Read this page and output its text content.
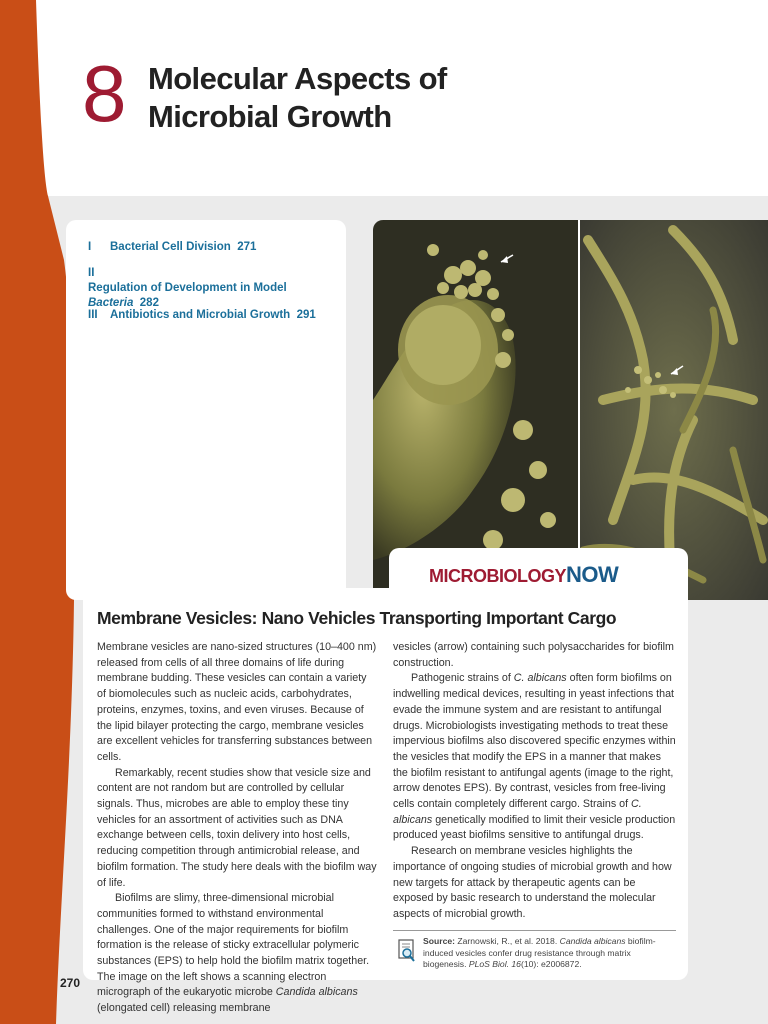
8 Molecular Aspects of Microbial Growth
I Bacterial Cell Division 271
IIRegulation of Development in Model
Bacteria 282
III Antibiotics and Microbial Growth 291
MICROBIOLOGYNOW
Membrane Vesicles: Nano Vehicles Transporting Important Cargo

Membrane vesicles are nano-sized structures (10–400 nm) released from cells of all three domains of life during membrane budding. These vesicles can contain a variety of biomolecules such as nucleic acids, carbohydrates, proteins, enzymes, toxins, and even viruses. Because of the lipid bilayer protecting the cargo, membrane vesicles are excellent vehicles for transferring substances between cells.

Remarkably, recent studies show that vesicle size and content are not random but are controlled by cellular signals. Thus, microbes are able to employ these tiny vehicles for an assortment of activities such as DNA exchange between cells, toxin delivery into host cells, reducing competition through antimicrobial release, and biofilm formation. The study here deals with the biofilm way of life.

Biofilms are slimy, three-dimensional microbial communities formed to withstand environmental challenges. One of the major requirements for biofilm formation is the release of sticky extracellular polymeric substances (EPS) to help hold the biofilm matrix together. The image on the left shows a scanning electron micrograph of the eukaryotic microbe Candida albicans (elongated cell) releasing membrane

vesicles (arrow) containing such polysaccharides for biofilm construction.

Pathogenic strains of C. albicans often form biofilms on indwelling medical devices, resulting in yeast infections that evade the immune system and are resistant to antifungal drugs. Microbiologists investigating methods to treat these impervious biofilms also discovered specific enzymes within the vesicles that modify the EPS in a manner that makes the biofilm resistant to antifungal agents (image to the right, arrow denotes EPS). By contrast, vesicles from free-living cells contain completely different cargo. Strains of C. albicans genetically modified to limit their vesicle production produced yeast biofilms sensitive to antifungal drugs.

Research on membrane vesicles highlights the importance of ongoing studies of microbial growth and how new targets for attack by therapeutic agents can be exposed by basic research to understand the molecular aspects of microbial growth.

Source: Zarnowski, R., et al. 2018. Candida albicans biofilm-induced vesicles confer drug resistance through matrix biogenesis. PLoS Biol. 16(10): e2006872.
270
